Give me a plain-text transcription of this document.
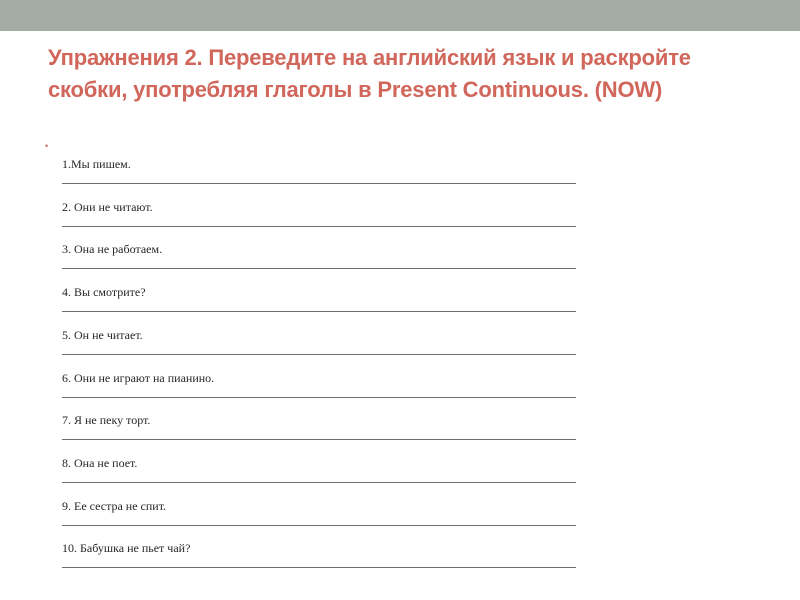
Упражнения 2. Переведите на английский язык и раскройте скобки, употребляя глаголы в Present Continuous. (NOW)
•
1.Мы пишем.
2. Они не читают.
3. Она не работаем.
4. Вы смотрите?
5. Он не читает.
6. Они не играют на пианино.
7. Я не пеку торт.
8. Она не поет.
9. Ее сестра не спит.
10. Бабушка не пьет чай?
